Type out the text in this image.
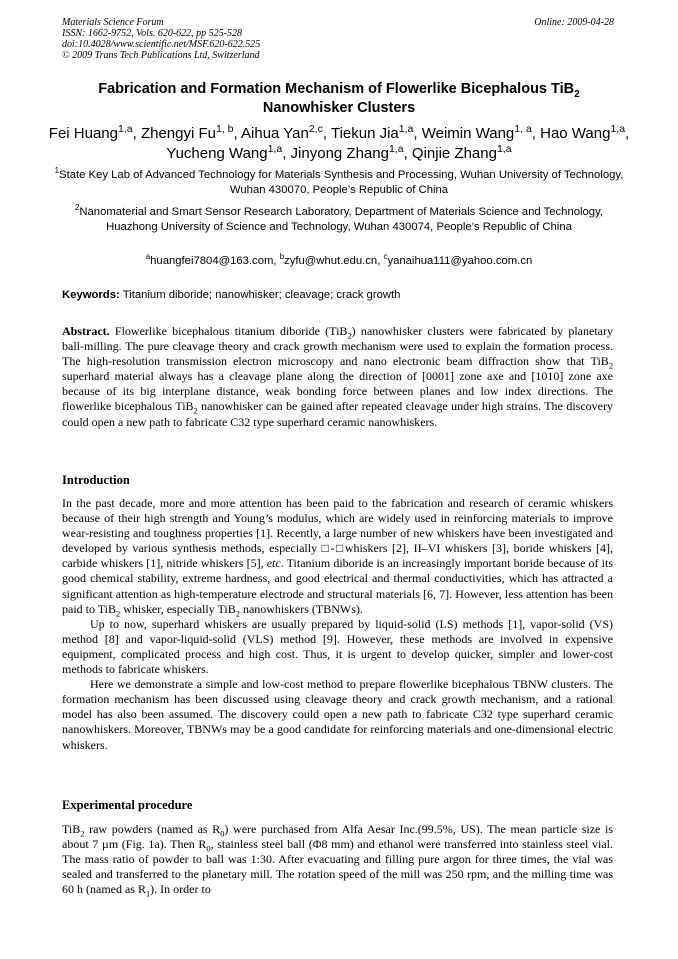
Materials Science Forum	Online: 2009-04-28
ISSN: 1662-9752, Vols. 620-622, pp 525-528
doi:10.4028/www.scientific.net/MSF.620-622.525
© 2009 Trans Tech Publications Ltd, Switzerland
Fabrication and Formation Mechanism of Flowerlike Bicephalous TiB$_2$
Nanowhisker Clusters
Fei Huang$^{1,a}$, Zhengyi Fu$^{1, b}$, Aihua Yan$^{2,c}$, Tiekun Jia$^{1,a}$, Weimin Wang$^{1, a}$, Hao Wang$^{1,a}$, Yucheng Wang$^{1,a}$, Jinyong Zhang$^{1,a}$, Qinjie Zhang$^{1,a}$
$^1$State Key Lab of Advanced Technology for Materials Synthesis and Processing, Wuhan University of Technology, Wuhan 430070, People’s Republic of China
$^2$Nanomaterial and Smart Sensor Research Laboratory, Department of Materials Science and Technology, Huazhong University of Science and Technology, Wuhan 430074, People’s Republic of China
$^a$huangfei7804@163.com, $^b$zyfu@whut.edu.cn, $^c$yanaihua111@yahoo.com.cn
Keywords: Titanium diboride; nanowhisker; cleavage; crack growth
Abstract. Flowerlike bicephalous titanium diboride (TiB$_2$) nanowhisker clusters were fabricated by planetary ball-milling. The pure cleavage theory and crack growth mechanism were used to explain the formation process. The high-resolution transmission electron microscopy and nano electronic beam diffraction show that TiB$_2$ superhard material always has a cleavage plane along the direction of [0001] zone axe and [1010] zone axe because of its big interplane distance, weak bonding force between planes and low index directions. The flowerlike bicephalous TiB$_2$ nanowhisker can be gained after repeated cleavage under high strains. The discovery could open a new path to fabricate C32 type superhard ceramic nanowhiskers.
Introduction
In the past decade, more and more attention has been paid to the fabrication and research of ceramic whiskers because of their high strength and Young’s modulus, which are widely used in reinforcing materials to improve wear-resisting and toughness properties [1]. Recently, a large number of new whiskers have been investigated and developed by various synthesis methods, especially □-□whiskers [2], II–VI whiskers [3], boride whiskers [4], carbide whiskers [1], nitride whiskers [5], etc. Titanium diboride is an increasingly important boride because of its good chemical stability, extreme hardness, and good electrical and thermal conductivities, which has attracted a significant attention as high-temperature electrode and structural materials [6, 7]. However, less attention has been paid to TiB$_2$ whisker, especially TiB$_2$ nanowhiskers (TBNWs).
Up to now, superhard whiskers are usually prepared by liquid-solid (LS) methods [1], vapor-solid (VS) method [8] and vapor-liquid-solid (VLS) method [9]. However, these methods are involved in expensive equipment, complicated process and high cost. Thus, it is urgent to develop quicker, simpler and lower-cost methods to fabricate whiskers.
Here we demonstrate a simple and low-cost method to prepare flowerlike bicephalous TBNW clusters. The formation mechanism has been discussed using cleavage theory and crack growth mechanism, and a rational model has also been assumed. The discovery could open a new path to fabricate C32 type superhard ceramic nanowhiskers. Moreover, TBNWs may be a good candidate for reinforcing materials and one-dimensional electric whiskers.
Experimental procedure
TiB$_2$ raw powders (named as $R_0$) were purchased from Alfa Aesar Inc.(99.5%, US). The mean particle size is about 7 µm (Fig. 1a). Then $R_0$, stainless steel ball (Φ8 mm) and ethanol were transferred into stainless steel vial. The mass ratio of powder to ball was 1:30. After evacuating and filling pure argon for three times, the vial was sealed and transferred to the planetary mill. The rotation speed of the mill was 250 rpm, and the milling time was 60 h (named as $R_1$). In order to
